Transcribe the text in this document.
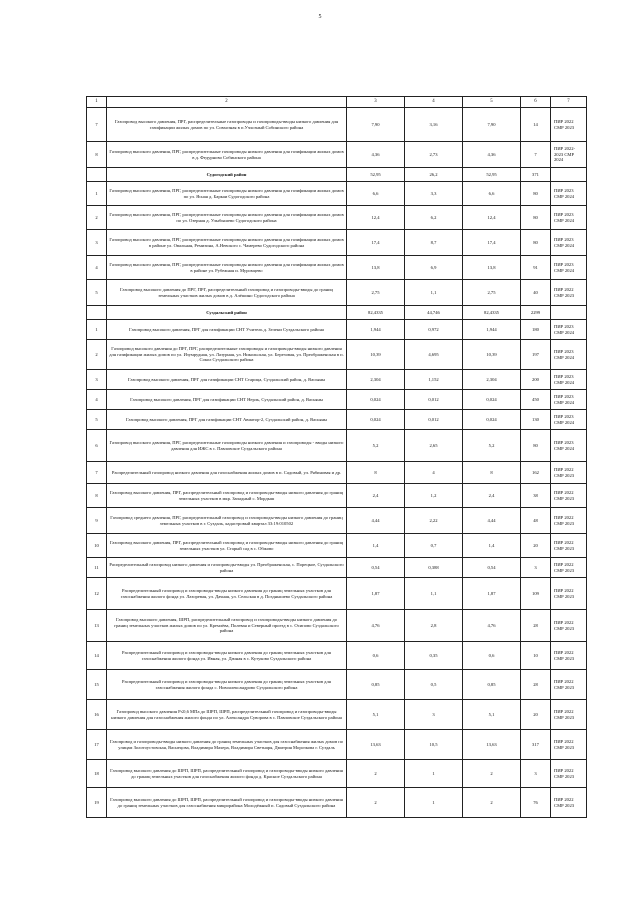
5
1	2	3	4	5	6	7
7	Газопровод высокого давления, ПРГ, распределительные газопроводы и газопроводы-вводы низкого давления для газификации жилых домов по ул. Совхозная в п.Учхозный Собинского района	7,90	3,16	7,90	14	ПИР 2022 СМР 2023
8	Газопровод высокого давления, ПРГ, распределительные газопроводы низкого давления для газификации жилых домов в д. Федурново Собинского района	4,36	2,73	4,36	7	ПИР 2022-2023 СМР 2024
	Судогодский район	52,95	26,2	52,95	371	
1	Газопровод высокого давления, ПРГ, распределительные газопроводы низкого давления для газификации жилых домов по ул. Ясная д. Баркаи Судогодского района	6,6	3,3	6,6	80	ПИР 2023 СМР 2024
2	Газопровод высокого давления, ПРГ, распределительные газопроводы низкого давления для газификации жилых домов по ул. Озерная д. Улыбышево Судогодского района	12,4	6,2	12,4	80	ПИР 2023 СМР 2024
3	Газопровод высокого давления, ПРГ, распределительные газопроводы низкого давления для газификации жилых домов в районе ул. Овальная, Ремизина, А.Невского с. Чамерево Судогодского района	17,4	8,7	17,4	80	ПИР 2023 СМР 2024
4	Газопровод высокого давления, ПРГ, распределительные газопроводы низкого давления для газификации жилых домов в районе ул. Рубежная и. Муромцево	13,8	6,9	13,8	91	ПИР 2023 СМР 2024
5	Газопровод высокого давления до ПРГ, ПРГ, распределительный газопровод и газопроводы-вводы до границ земельных участков жилых домов в д. Алёшино Судогодского района	2,75	1,1	2,75	40	ПИР 2022 СМР 2023
	Суздальский район	82,4335	44,746	82,4335	2299	
1	Газопровод высокого давления, ПРГ для газификации СНТ Учитель д. Зелени Суздальского района	1,944	0,972	1,944	180	ПИР 2023 СМР 2024
2	Газопровод высокого давления до ПРГ, ПРГ, распределительные газопроводы и газопроводы-вводы низкого давления для газификации жилых домов по ул. Изумрудная, ул. Лазурная, ул. Никольская, ул. Березовая, ул. Преображенская в п. Сокол Суздальского района	10,39	4,695	10,39	197	ПИР 2023 СМР 2024
3	Газопровод высокого давления, ПРГ для газификации СНТ Старица, Суздальский район, д. Васьяны	2,304	1,152	2,304	200	ПИР 2023 СМР 2024
4	Газопровод высокого давления, ПРГ для газификации СНТ Нерль, Суздальский район, д. Васьяны	0,024	0,012	0,024	450	ПИР 2023 СМР 2024
5	Газопровод высокого давления, ПРГ для газификации СНТ Авиатор-2, Суздальский район, д. Васьяны	0,024	0,012	0,024	130	ПИР 2023 СМР 2024
6	Газопровод высокого давления, ПРГ, распределительные газопроводы низкого давления и газопроводы - вводы низкого давления для ИЖС в с. Павловское Суздальского района	5,2	2,65	5,2	80	ПИР 2023 СМР 2024
7	Распределительный газопровод низкого давления для газоснабжения жилых домов в п. Садовый, ул. Рябиновая и др.	8	4	8	162	ПИР 2022 СМР 2023
8	Газопровод высокого давления, ПРГ, распределительный газопровод и газопроводы-вводы низкого давления до границ земельных участков в мкр. Западный с. Мордыш	2,4	1,2	2,4	38	ПИР 2022 СМР 2023
9	Газопровод среднего давления, ПРГ, распределительный газопровод и газопроводы-вводы низкого давления до границ земельных участков в г. Суздаль, кадастровый квартал 33:19:010502	4,44	2,22	4,44	48	ПИР 2022 СМР 2023
10	Газопровод высокого давления, ПРГ, распределительный газопровод и газопроводы-вводы низкого давления до границ земельных участков ул. Старый сад в с. Обжово	1,4	0,7	1,4	20	ПИР 2022 СМР 2023
11	Распределительный газопровод низкого давления и газопроводы-вводы ул. Преображенская, с. Порецкое, Суздальского района	0,54	0,388	0,54	3	ПИР 2022 СМР 2023
12	Распределительный газопровод и газопроводы-вводы низкого давления до границ земельных участков для газоснабжения жилого фонда ул. Лазоревая, ул. Дачная, ул. Сельская в д. Позднышево Суздальского района	1,87	1,1	1,87	109	ПИР 2022 СМР 2023
13	Газопровод высокого давления, ШРП, распределительный газопровод и газопроводы-вводы низкого давления до границ земельных участков жилых домов по ул. Кремлёва, Полевая и Северный проезд в с. Осипово Суздальского района	4,76	2,8	4,76	28	ПИР 2022 СМР 2023
14	Распределительный газопровод и газопроводы-вводы низкого давления до границ земельных участков для газоснабжения жилого фонда ул. Ивная, ул. Дачная в с. Кутуково Суздальского района	0,6	0,35	0,6	10	ПИР 2022 СМР 2023
15	Распределительный газопровод и газопроводы-вводы низкого давления до границ земельных участков для газоснабжения жилого фонда с. Новоалександрово Суздальского района	0,85	0,5	0,85	28	ПИР 2022 СМР 2023
16	Газопровод высокого давления Р≤0,6 МПа до ШРП, ШРП, распределительный газопровод и газопроводы-вводы низкого давления для газоснабжения жилого фонда по ул. Александра Суворова в с. Павловское Суздальского района	5,1	3	5,1	20	ПИР 2022 СМР 2023
17	Газопровод и газопроводы-вводы низкого давления до границ земельных участков для газоснабжения жилых домов по улицам Золотоустовская, Васнецова, Владимира Махера, Владимира Светнаря, Дмитрия Морозкова г. Суздаль	13,63	10,5	13,63	317	ПИР 2022 СМР 2023
18	Газопровод высокого давления до ШРП, ШРП, распределительный газопровод и газопроводы-вводы низкого давления до границ земельных участков для газоснабжения жилого фонда д. Красное Суздальского района	2	1	2	3	ПИР 2022 СМР 2023
19	Газопровод высокого давления до ШРП, ШРП, распределительный газопровод и газопроводы-вводы низкого давления до границ земельных участков для газоснабжения микрорайона Молодёжный п. Садовый Суздальского района	2	1	2	76	ПИР 2022 СМР 2023
